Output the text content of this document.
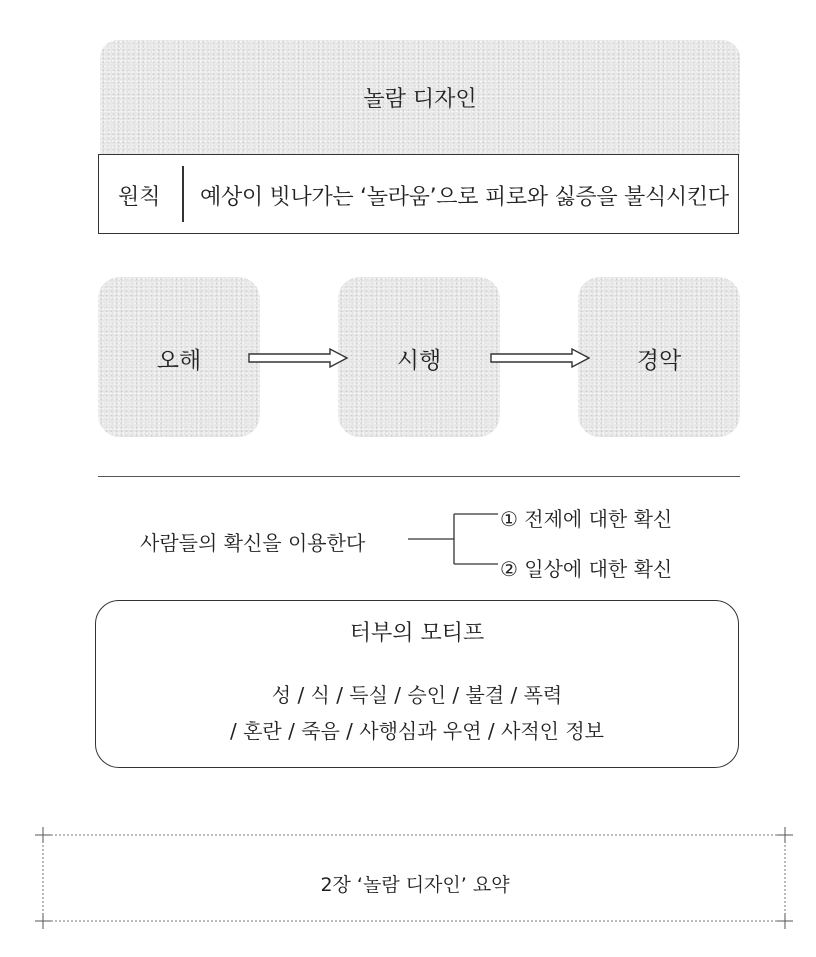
놀람 디자인
원칙 예상이 빗나가는 ‘놀라움’으로 피로와 싫증을 불식시킨다
오해	시행	경악
사람들의 확신을 이용한다
① 전제에 대한 확신
② 일상에 대한 확신
터부의 모티프
성 / 식 / 득실 / 승인 / 불결 / 폭력
/ 혼란 / 죽음 / 사행심과 우연 / 사적인 정보
2장 ‘놀람 디자인’ 요약
